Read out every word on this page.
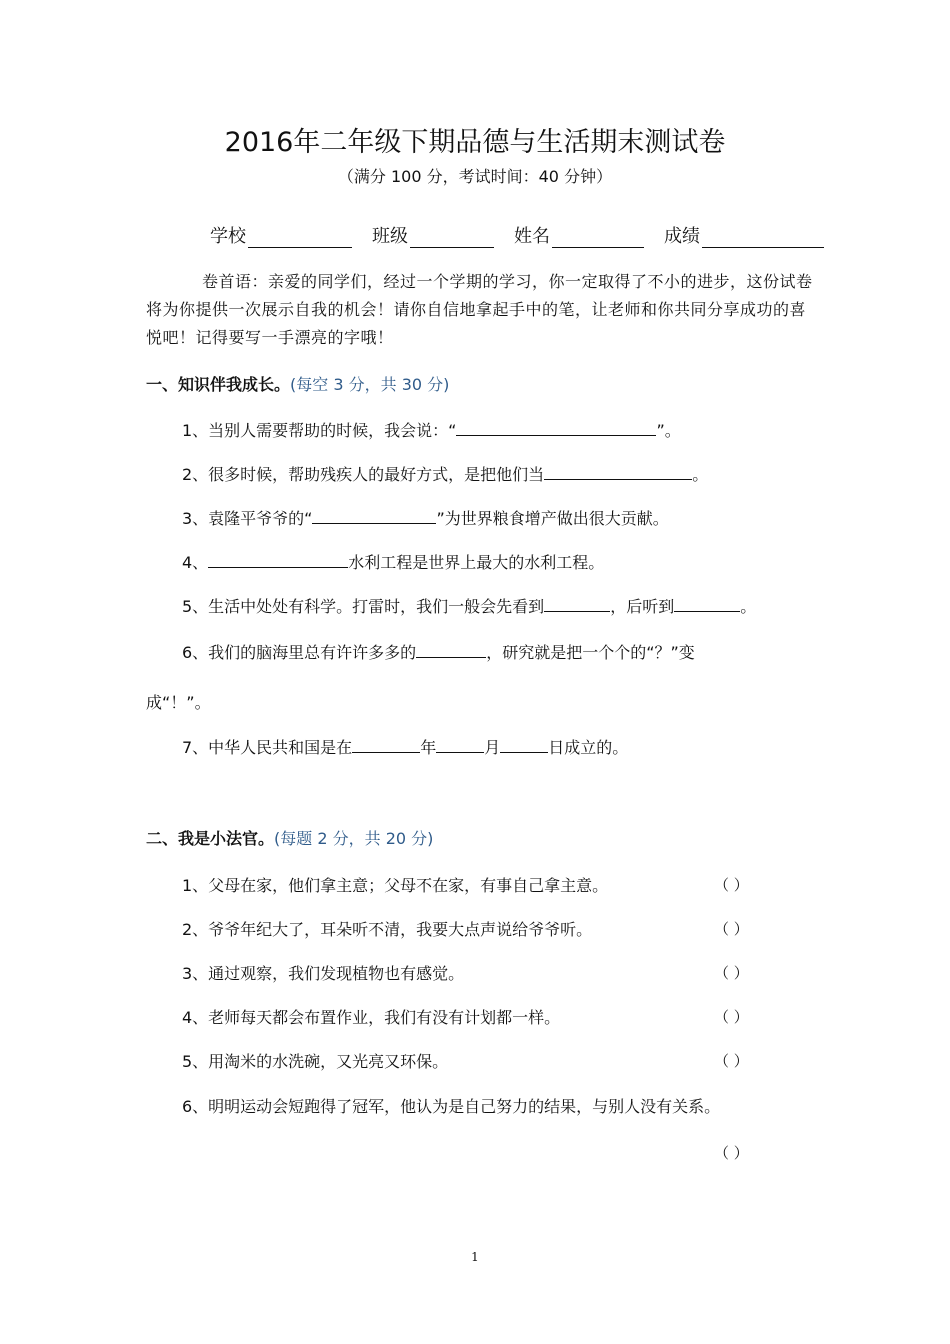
2016年二年级下期品德与生活期末测试卷
（满分 100 分，考试时间：40 分钟）
学校	班级	姓名	成绩
卷首语：亲爱的同学们，经过一个学期的学习，你一定取得了不小的进步，这份试卷将为你提供一次展示自我的机会！请你自信地拿起手中的笔，让老师和你共同分享成功的喜悦吧！记得要写一手漂亮的字哦！
一、知识伴我成长。(每空 3 分，共 30 分)
1、当别人需要帮助的时候，我会说：“	”。
2、很多时候，帮助残疾人的最好方式，是把他们当	。
3、袁隆平爷爷的“	”为世界粮食增产做出很大贡献。
4、	水利工程是世界上最大的水利工程。
5、生活中处处有科学。打雷时，我们一般会先看到	，后听到	。
6、我们的脑海里总有许许多多的	，研究就是把一个个的“？”变
成“！”。
7、中华人民共和国是在	年	月	日成立的。
二、我是小法官。(每题 2 分，共 20 分)
1、父母在家，他们拿主意；父母不在家，有事自己拿主意。	（ ）
2、爷爷年纪大了，耳朵听不清，我要大点声说给爷爷听。	（ ）
3、通过观察，我们发现植物也有感觉。	（ ）
4、老师每天都会布置作业，我们有没有计划都一样。	（ ）
5、用淘米的水洗碗，又光亮又环保。	（ ）
6、明明运动会短跑得了冠军，他认为是自己努力的结果，与别人没有关系。
（ ）
1
